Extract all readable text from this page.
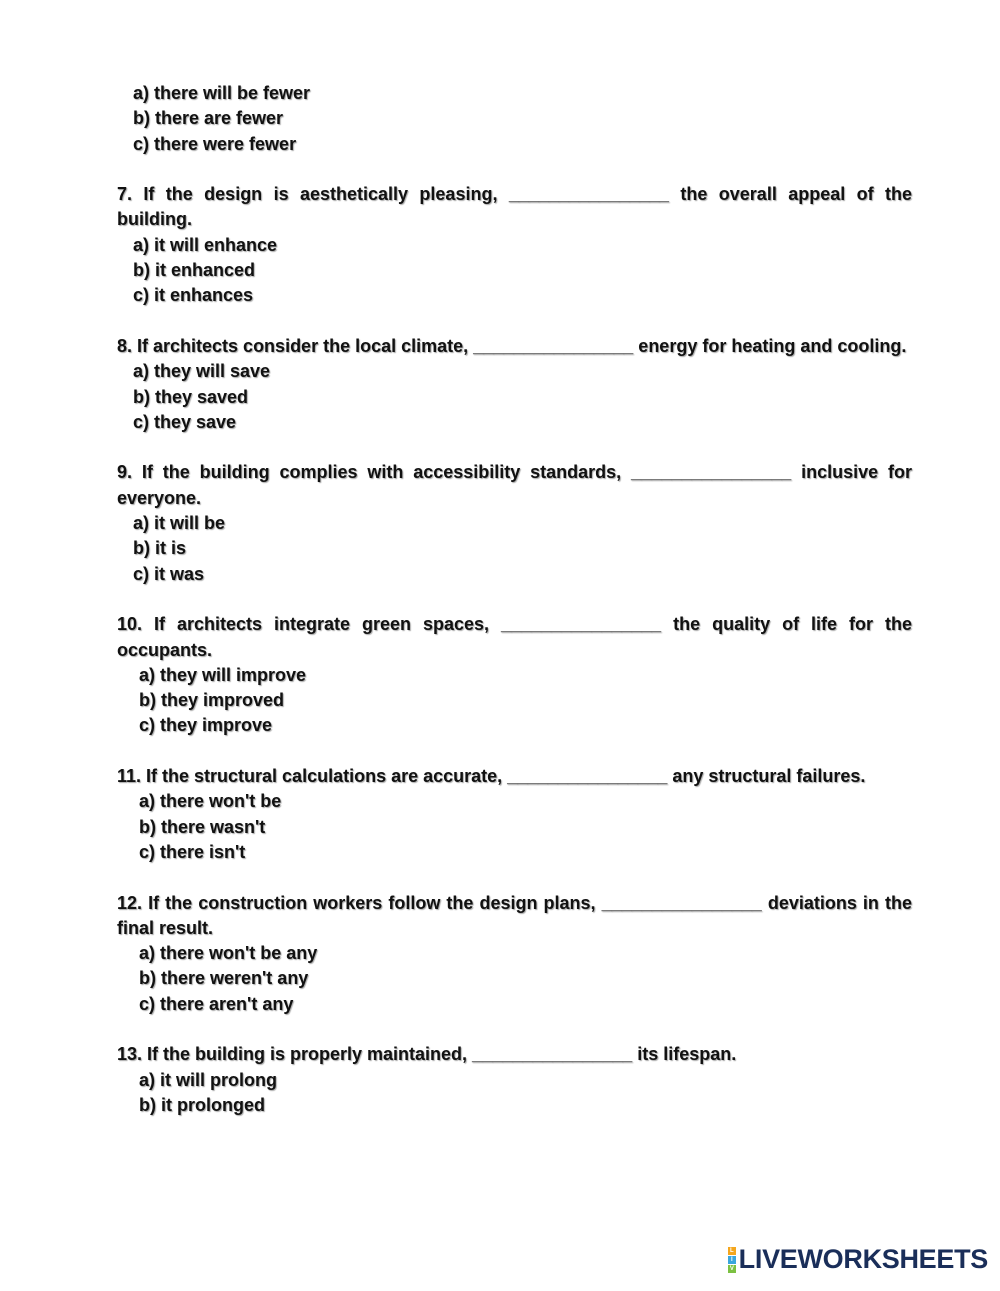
a) there will be fewer
b) there are fewer
c) there were fewer
7. If the design is aesthetically pleasing, ________________ the overall appeal of the building.
a) it will enhance
b) it enhanced
c) it enhances
8. If architects consider the local climate, ________________ energy for heating and cooling.
a) they will save
b) they saved
c) they save
9. If the building complies with accessibility standards, ________________ inclusive for everyone.
a) it will be
b) it is
c) it was
10. If architects integrate green spaces, ________________ the quality of life for the occupants.
a) they will improve
b) they improved
c) they improve
11. If the structural calculations are accurate, ________________ any structural failures.
a) there won't be
b) there wasn't
c) there isn't
12. If the construction workers follow the design plans, ________________ deviations in the final result.
a) there won't be any
b) there weren't any
c) there aren't any
13. If the building is properly maintained, ________________ its lifespan.
a) it will prolong
b) it prolonged
L
I
V LIVEWORKSHEETS
